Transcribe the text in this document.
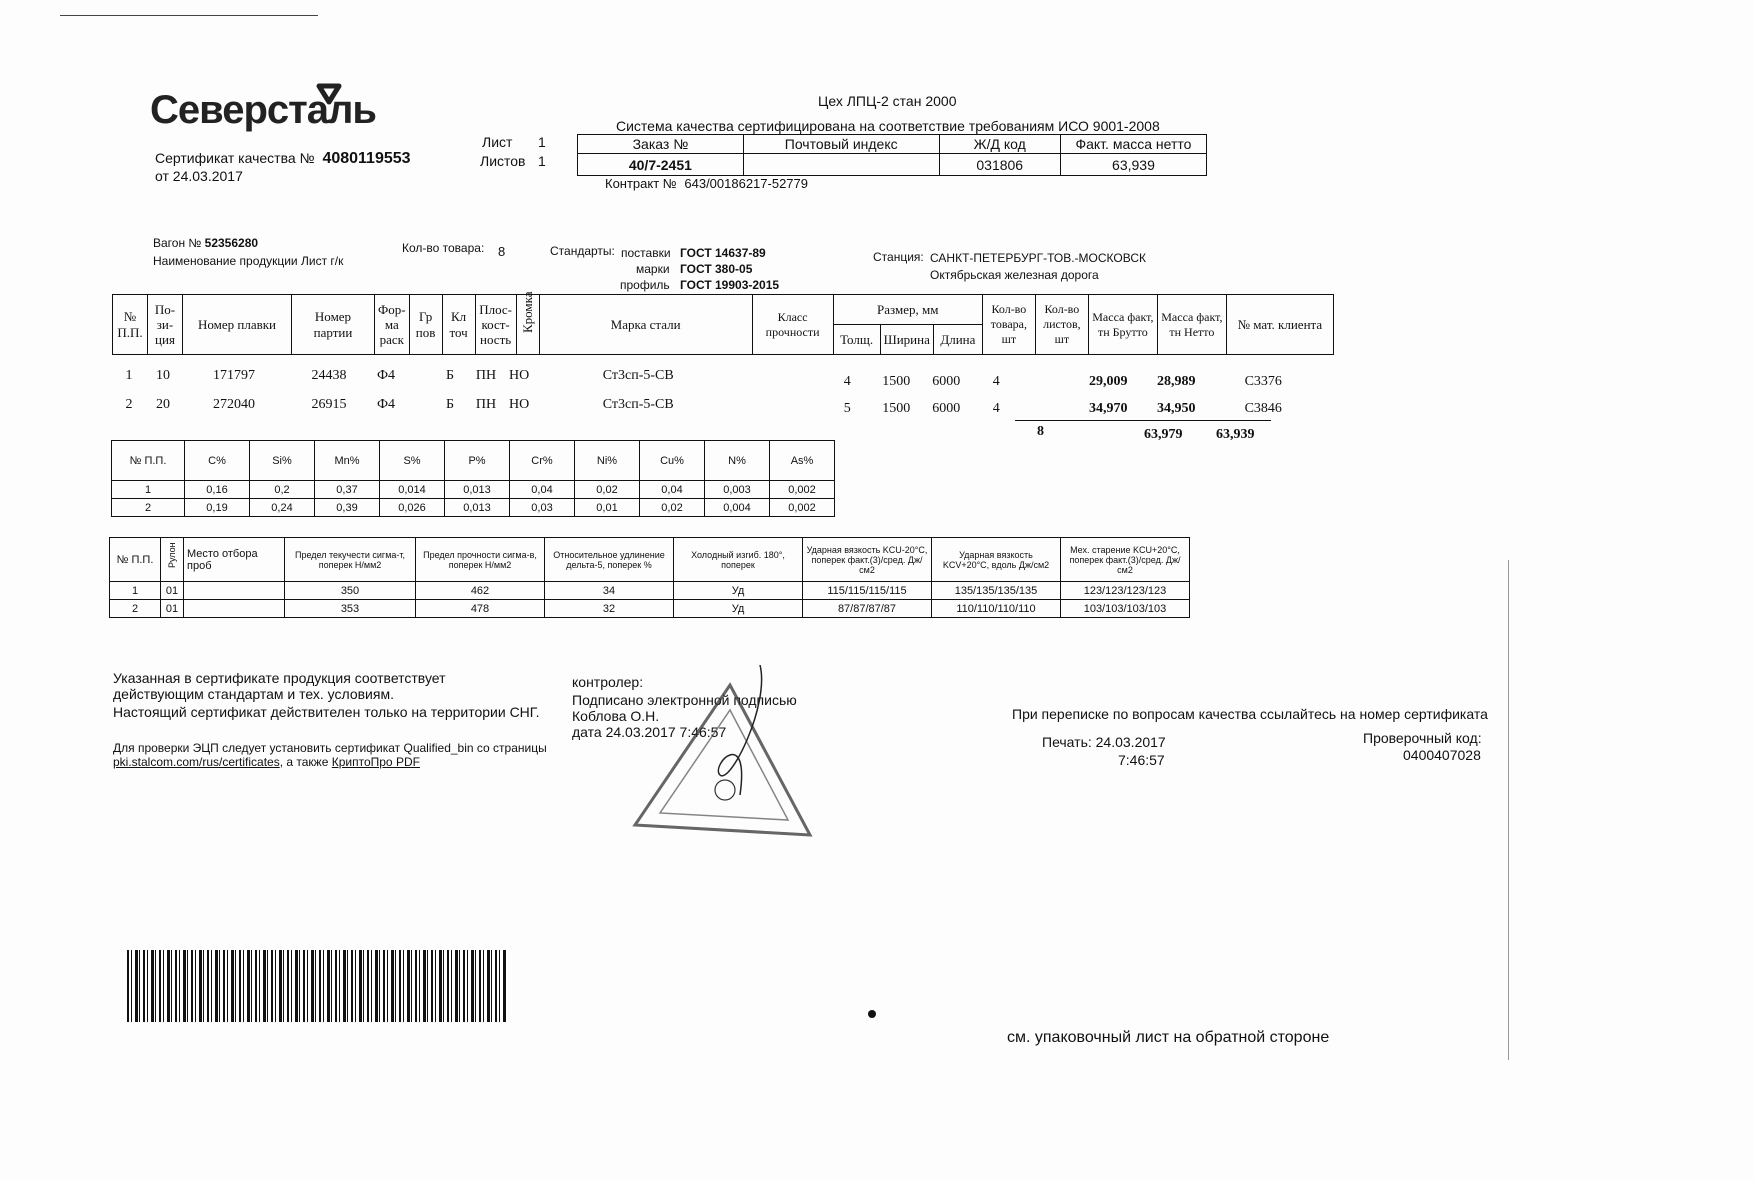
Северсталь
Сертификат качества № 4080119553
от 24.03.2017
Лист 1
Листов 1
Цех ЛПЦ-2 стан 2000
Система качества сертифицирована на соответствие требованиям ИСО 9001-2008
Заказ №	Почтовый индекс	Ж/Д код	Факт. масса нетто
40/7-2451		031806	63,939
Контракт № 643/00186217-52779
Вагон № 52356280
Наименование продукции Лист г/к
Кол-во товара: 8	Стандарты: поставки ГОСТ 14637-89
марки ГОСТ 380-05
профиль ГОСТ 19903-2015
Станция: САНКТ-ПЕТЕРБУРГ-ТОВ.-МОСКОВСК
Октябрьская железная дорога
№ П.П.	По- зи- ция	Номер плавки	Номер партии	Фор- ма раск	Гр пов	Кл точ	Плос- кост- ность	Кромка	Марка стали	Класс прочности	Размер, мм			Кол-во товара, шт	Кол-во листов, шт	Масса факт, тн Брутто	Масса факт, тн Нетто	№ мат. клиента
											Толщ.	Ширина	Длина					
1	10	171797	24438	Ф4		Б	ПН	НО	Ст3сп-5-СВ		4	1500	6000	4		29,009	28,989	С3376
2	20	272040	26915	Ф4		Б	ПН	НО	Ст3сп-5-СВ		5	1500	6000	4		34,970	34,950	С3846
8	63,979 63,939
№ П.П.	C%	Si%	Mn%	S%	P%	Cr%	Ni%	Cu%	N%	As%
1	0,16	0,2	0,37	0,014	0,013	0,04	0,02	0,04	0,003	0,002
2	0,19	0,24	0,39	0,026	0,013	0,03	0,01	0,02	0,004	0,002
№ П.П.	Рулон	Место отбора проб	Предел текучести сигма-т, поперек Н/мм2	Предел прочности сигма-в, поперек Н/мм2	Относительное удлинение дельта-5, поперек %	Холодный изгиб. 180°, поперек	Ударная вязкость KCU-20°C, поперек факт.(3)/сред. Дж/см2	Ударная вязкость KCV+20°C, вдоль Дж/см2	Мех. старение KCU+20°C, поперек факт.(3)/сред. Дж/см2
1	01		350	462	34	Уд	115/115/115/115	135/135/135/135	123/123/123/123
2	01		353	478	32	Уд	87/87/87/87	110/110/110/110	103/103/103/103
Указанная в сертификате продукция соответствует
действующим стандартам и тех. условиям.
Настоящий сертификат действителен только на территории СНГ.
Для проверки ЭЦП следует установить сертификат Qualified_bin со страницы
pki.stalcom.com/rus/certificates, а также КриптоПро PDF
контролер:
Подписано электронной подписью
Коблова О.Н.
дата 24.03.2017 7:46:57
При переписке по вопросам качества ссылайтесь на номер сертификата
Печать: 24.03.2017
7:46:57
Проверочный код:
0400407028
см. упаковочный лист на обратной стороне
